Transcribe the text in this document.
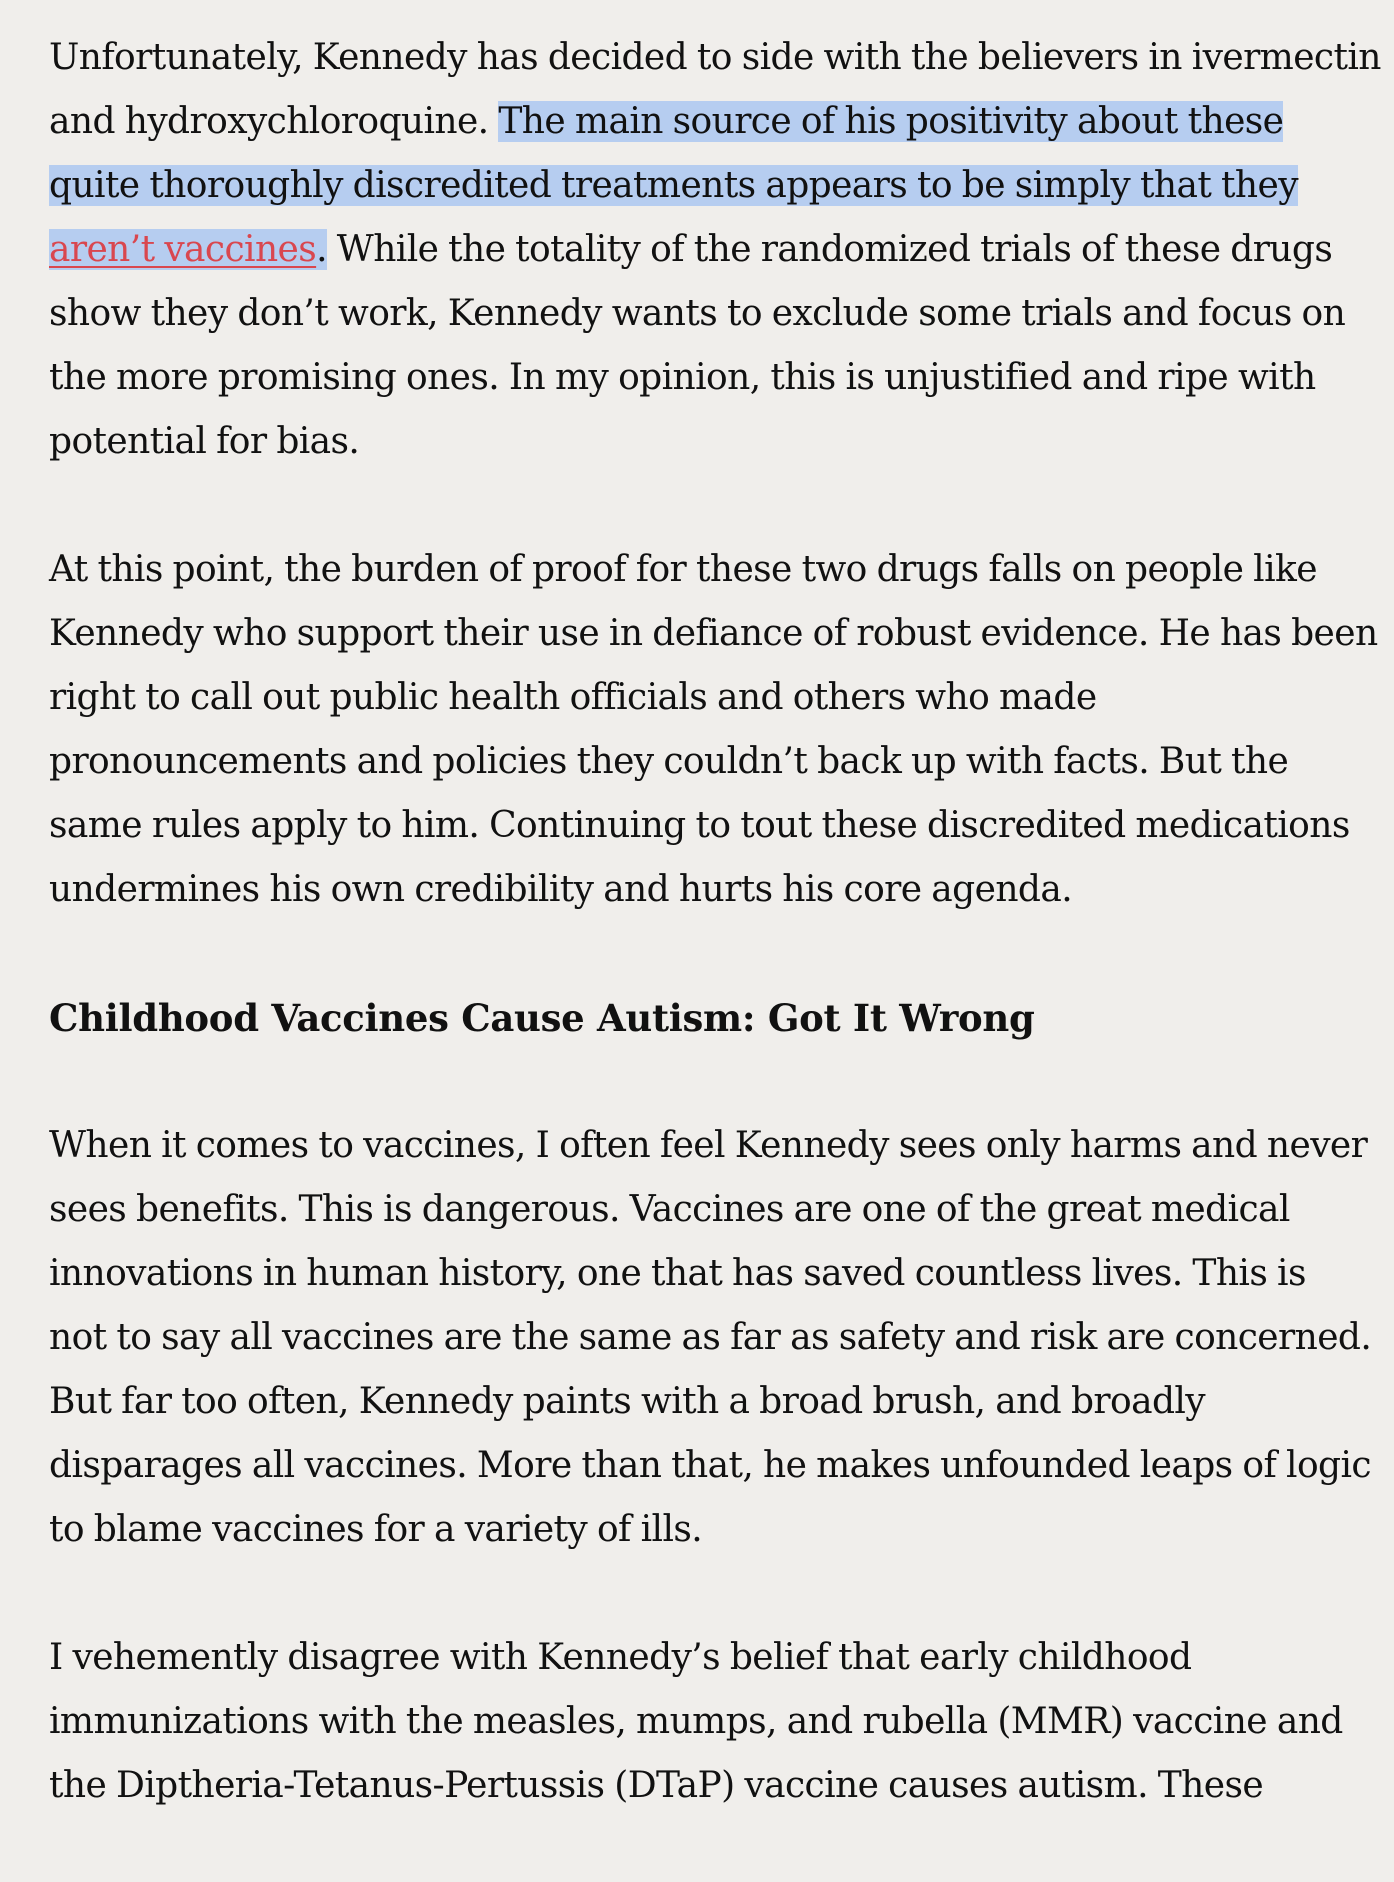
Unfortunately, Kennedy has decided to side with the believers in ivermectin
and hydroxychloroquine. The main source of his positivity about these
quite thoroughly discredited treatments appears to be simply that they
aren’t vaccines. While the totality of the randomized trials of these drugs
show they don’t work, Kennedy wants to exclude some trials and focus on
the more promising ones. In my opinion, this is unjustified and ripe with
potential for bias.

At this point, the burden of proof for these two drugs falls on people like
Kennedy who support their use in defiance of robust evidence. He has been
right to call out public health officials and others who made
pronouncements and policies they couldn’t back up with facts. But the
same rules apply to him. Continuing to tout these discredited medications
undermines his own credibility and hurts his core agenda.

Childhood Vaccines Cause Autism: Got It Wrong

When it comes to vaccines, I often feel Kennedy sees only harms and never
sees benefits. This is dangerous. Vaccines are one of the great medical
innovations in human history, one that has saved countless lives. This is
not to say all vaccines are the same as far as safety and risk are concerned.
But far too often, Kennedy paints with a broad brush, and broadly
disparages all vaccines. More than that, he makes unfounded leaps of logic
to blame vaccines for a variety of ills.

I vehemently disagree with Kennedy’s belief that early childhood
immunizations with the measles, mumps, and rubella (MMR) vaccine and
the Diptheria-Tetanus-Pertussis (DTaP) vaccine causes autism. These
